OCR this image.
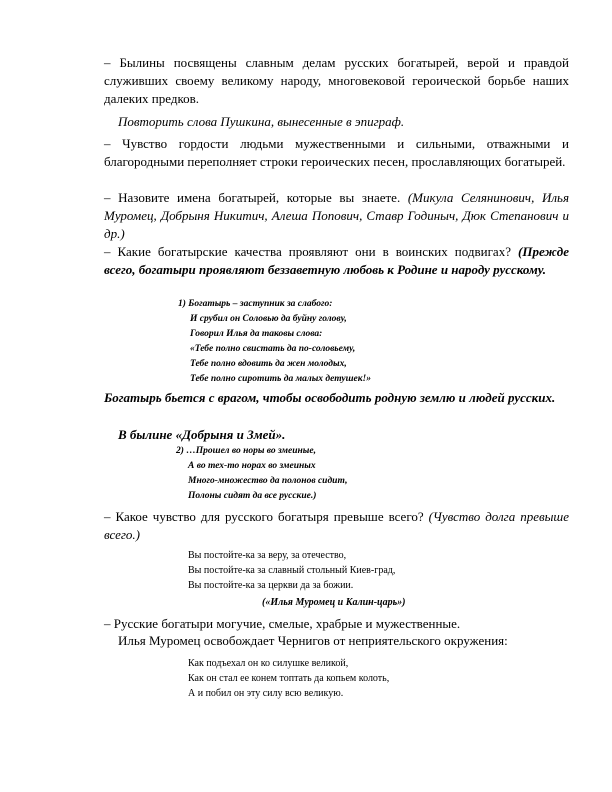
– Былины посвящены славным делам русских богатырей, верой и правдой служивших своему великому народу, многовековой героической борьбе наших далеких предков.

Повторить слова Пушкина, вынесенные в эпиграф.

– Чувство гордости людьми мужественными и сильными, отважными и благородными переполняет строки героических песен, прославляющих богатырей.

– Назовите имена богатырей, которые вы знаете. (Микула Селянинович, Илья Муромец, Добрыня Никитич, Алеша Попович, Ставр Годиныч, Дюк Степанович и др.)

– Какие богатырские качества проявляют они в воинских подвигах? (Прежде всего, богатыри проявляют беззаветную любовь к Родине и народу русскому.

1) Богатырь – заступник за слабого:
И срубил он Соловью да буйну голову,
Говорил Илья да таковы слова:
«Тебе полно свистать да по-соловьему,
Тебе полно вдовить да жен молодых,
Тебе полно сиротить да малых детушек!»

Богатырь бьется с врагом, чтобы освободить родную землю и людей русских.

В былине «Добрыня и Змей».

2) …Прошел во норы во змеиные,
А во тех-то норах во змеиных
Много-множество да полонов сидит,
Полоны сидят да все русские.)

– Какое чувство для русского богатыря превыше всего? (Чувство долга превыше всего.)

Вы постойте-ка за веру, за отечество,
Вы постойте-ка за славный стольный Киев-град,
Вы постойте-ка за церкви да за божии.
(«Илья Муромец и Калин-царь»)

– Русские богатыри могучие, смелые, храбрые и мужественные.

Илья Муромец освобождает Чернигов от неприятельского окружения:

Как подъехал он ко силушке великой,
Как он стал ее конем топтать да копьем колоть,
А и побил он эту силу всю великую.
